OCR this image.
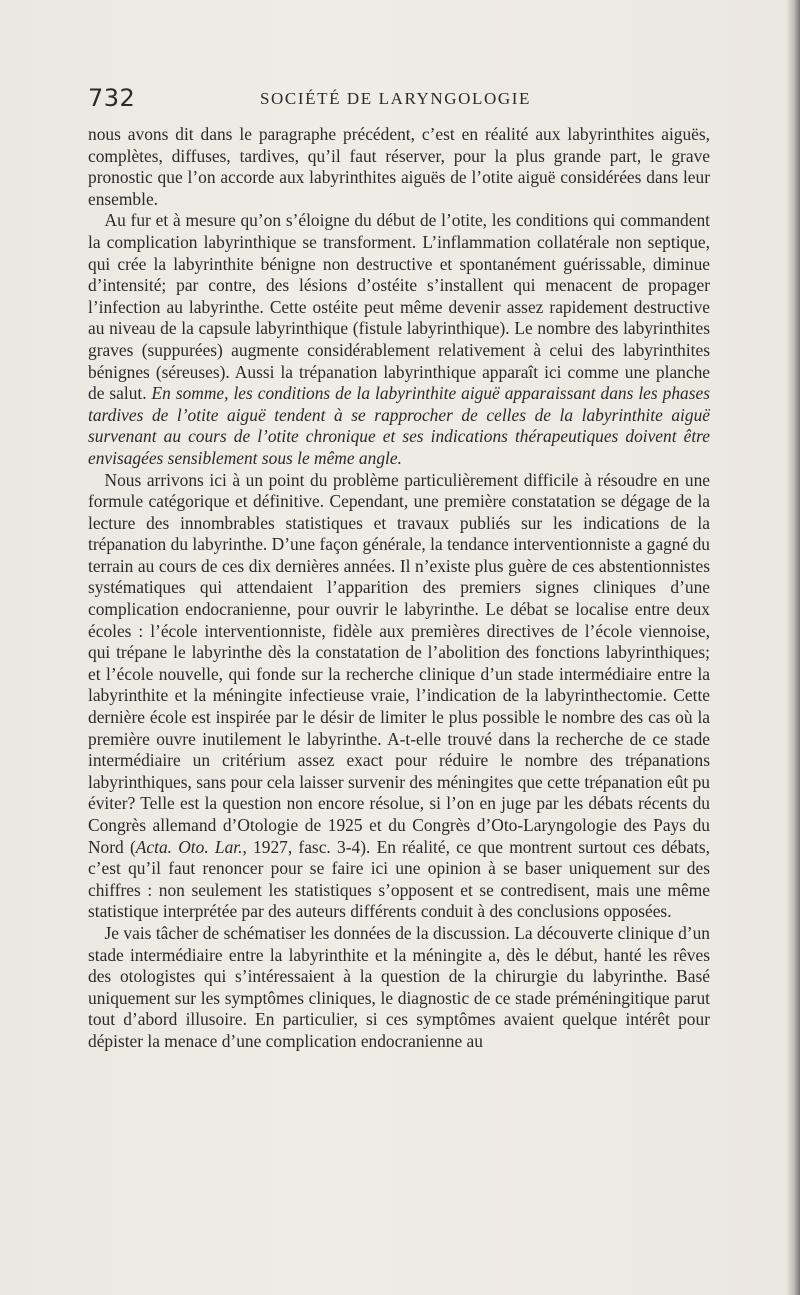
732	SOCIÉTÉ DE LARYNGOLOGIE

nous avons dit dans le paragraphe précédent, c’est en réalité aux labyrinthites aiguës, complètes, diffuses, tardives, qu’il faut réserver, pour la plus grande part, le grave pronostic que l’on accorde aux labyrinthites aiguës de l’otite aiguë considérées dans leur ensemble.

Au fur et à mesure qu’on s’éloigne du début de l’otite, les conditions qui commandent la complication labyrinthique se transforment. L’inflammation collatérale non septique, qui crée la labyrinthite bénigne non destructive et spontanément guérissable, diminue d’intensité; par contre, des lésions d’ostéite s’installent qui menacent de propager l’infection au labyrinthe. Cette ostéite peut même devenir assez rapidement destructive au niveau de la capsule labyrinthique (fistule labyrinthique). Le nombre des labyrinthites graves (suppurées) augmente considérablement relativement à celui des labyrinthites bénignes (séreuses). Aussi la trépanation labyrinthique apparaît ici comme une planche de salut. En somme, les conditions de la labyrinthite aiguë apparaissant dans les phases tardives de l’otite aiguë tendent à se rapprocher de celles de la labyrinthite aiguë survenant au cours de l’otite chronique et ses indications thérapeutiques doivent être envisagées sensiblement sous le même angle.

Nous arrivons ici à un point du problème particulièrement difficile à résoudre en une formule catégorique et définitive. Cependant, une première constatation se dégage de la lecture des innombrables statistiques et travaux publiés sur les indications de la trépanation du labyrinthe. D’une façon générale, la tendance interventionniste a gagné du terrain au cours de ces dix dernières années. Il n’existe plus guère de ces abstentionnistes systématiques qui attendaient l’apparition des premiers signes cliniques d’une complication endocranienne, pour ouvrir le labyrinthe. Le débat se localise entre deux écoles : l’école interventionniste, fidèle aux premières directives de l’école viennoise, qui trépane le labyrinthe dès la constatation de l’abolition des fonctions labyrinthiques; et l’école nouvelle, qui fonde sur la recherche clinique d’un stade intermédiaire entre la labyrinthite et la méningite infectieuse vraie, l’indication de la labyrinthectomie. Cette dernière école est inspirée par le désir de limiter le plus possible le nombre des cas où la première ouvre inutilement le labyrinthe. A-t-elle trouvé dans la recherche de ce stade intermédiaire un critérium assez exact pour réduire le nombre des trépanations labyrinthiques, sans pour cela laisser survenir des méningites que cette trépanation eût pu éviter? Telle est la question non encore résolue, si l’on en juge par les débats récents du Congrès allemand d’Otologie de 1925 et du Congrès d’Oto-Laryngologie des Pays du Nord (Acta. Oto. Lar., 1927, fasc. 3-4). En réalité, ce que montrent surtout ces débats, c’est qu’il faut renoncer pour se faire ici une opinion à se baser uniquement sur des chiffres : non seulement les statistiques s’opposent et se contredisent, mais une même statistique interprétée par des auteurs différents conduit à des conclusions opposées.

Je vais tâcher de schématiser les données de la discussion. La découverte clinique d’un stade intermédiaire entre la labyrinthite et la méningite a, dès le début, hanté les rêves des otologistes qui s’intéressaient à la question de la chirurgie du labyrinthe. Basé uniquement sur les symptômes cliniques, le diagnostic de ce stade préméningitique parut tout d’abord illusoire. En particulier, si ces symptômes avaient quelque intérêt pour dépister la menace d’une complication endocranienne au
